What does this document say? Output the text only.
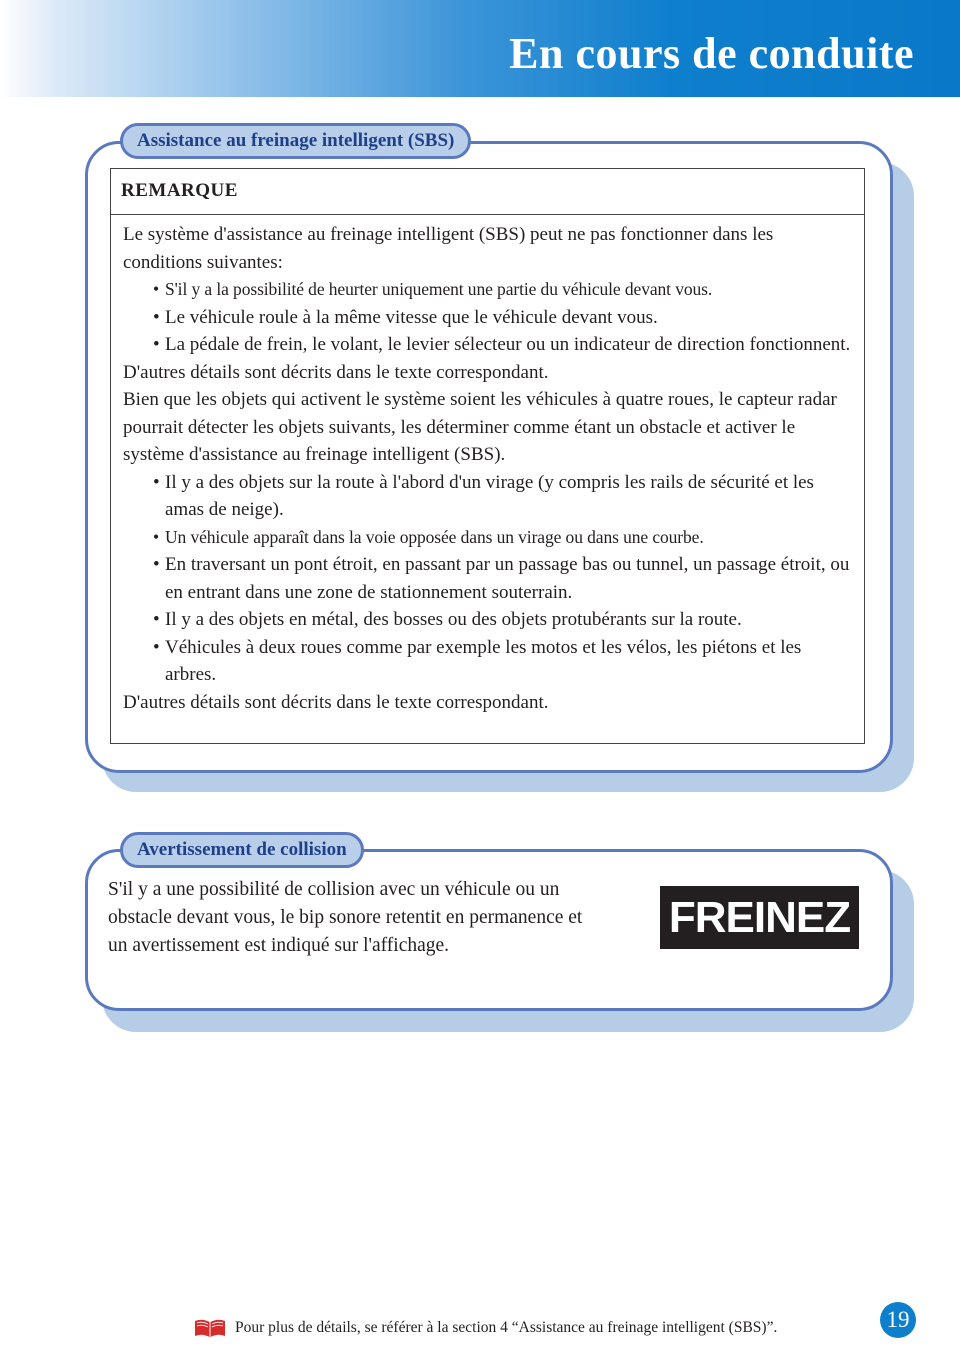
En cours de conduite
Assistance au freinage intelligent (SBS)
REMARQUE

Le système d'assistance au freinage intelligent (SBS) peut ne pas fonctionner dans les conditions suivantes:

• S'il y a la possibilité de heurter uniquement une partie du véhicule devant vous.
• Le véhicule roule à la même vitesse que le véhicule devant vous.
• La pédale de frein, le volant, le levier sélecteur ou un indicateur de direction fonctionnent.

D'autres détails sont décrits dans le texte correspondant.

Bien que les objets qui activent le système soient les véhicules à quatre roues, le capteur radar pourrait détecter les objets suivants, les déterminer comme étant un obstacle et activer le système d'assistance au freinage intelligent (SBS).

• Il y a des objets sur la route à l'abord d'un virage (y compris les rails de sécurité et les amas de neige).
• Un véhicule apparaît dans la voie opposée dans un virage ou dans une courbe.
• En traversant un pont étroit, en passant par un passage bas ou tunnel, un passage étroit, ou en entrant dans une zone de stationnement souterrain.
• Il y a des objets en métal, des bosses ou des objets protubérants sur la route.
• Véhicules à deux roues comme par exemple les motos et les vélos, les piétons et les arbres.

D'autres détails sont décrits dans le texte correspondant.

Avertissement de collision
S'il y a une possibilité de collision avec un véhicule ou un obstacle devant vous, le bip sonore retentit en permanence et un avertissement est indiqué sur l'affichage.
FREINEZ !
Pour plus de détails, se référer à la section 4 “Assistance au freinage intelligent (SBS)”.	19
